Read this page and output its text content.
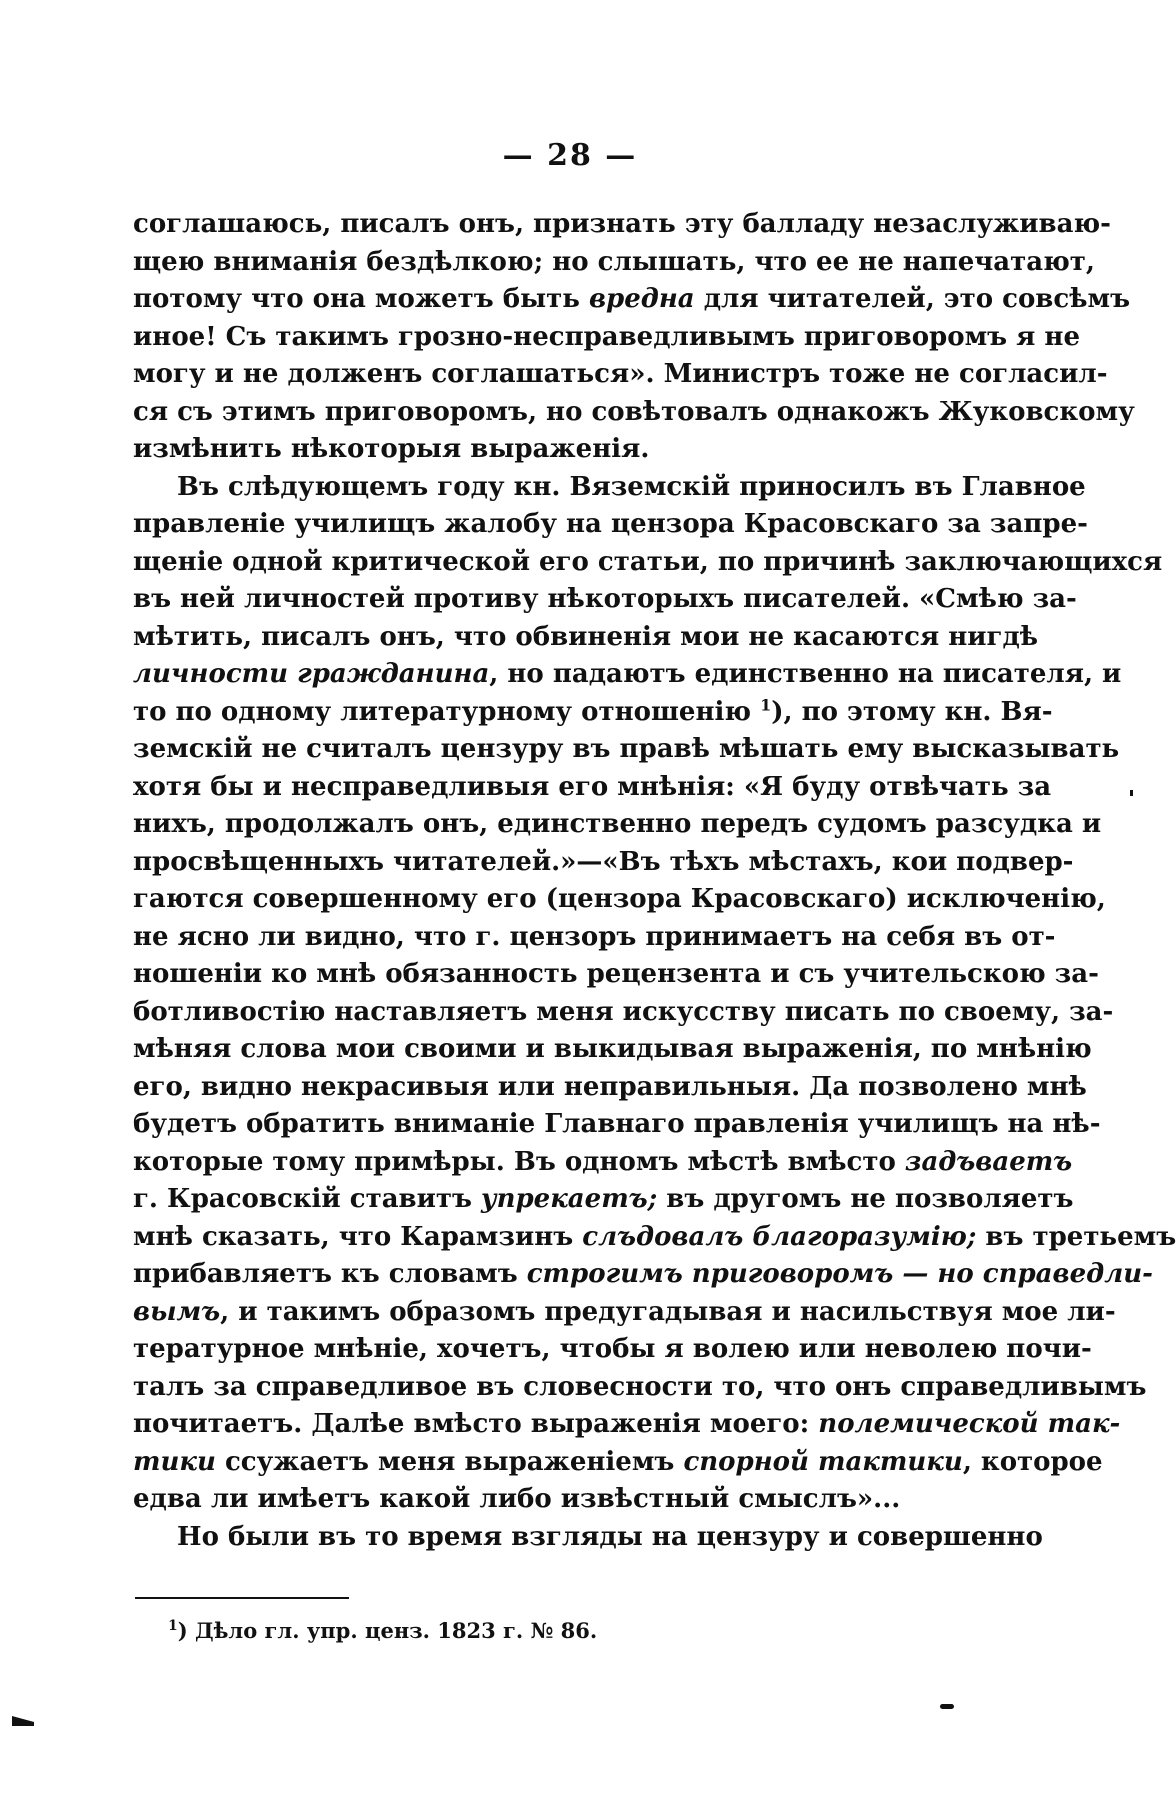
— 28 —
соглашаюсь, писалъ онъ, признать эту балладу незаслуживаю-
щею вниманія бездѣлкою; но слышать, что ее не напечатают,
потому что она можетъ быть вредна для читателей, это совсѣмъ
иное! Съ такимъ грозно-несправедливымъ приговоромъ я не
могу и не долженъ соглашаться». Министръ тоже не согласил-
ся съ этимъ приговоромъ, но совѣтовалъ однакожъ Жуковскому
измѣнить нѣкоторыя выраженія.
Въ слѣдующемъ году кн. Вяземскій приносилъ въ Главное
правленіе училищъ жалобу на цензора Красовскаго за запре-
щеніе одной критической его статьи, по причинѣ заключающихся
въ ней личностей противу нѣкоторыхъ писателей. «Смѣю за-
мѣтить, писалъ онъ, что обвиненія мои не касаются нигдѣ
личности гражданина, но падаютъ единственно на писателя, и
то по одному литературному отношенію $^1$), по этому кн. Вя-
земскій не считалъ цензуру въ правѣ мѣшать ему высказывать
хотя бы и несправедливыя его мнѣнія: «Я буду отвѣчать за
нихъ, продолжалъ онъ, единственно передъ судомъ разсудка и
просвѣщенныхъ читателей.»—«Въ тѣхъ мѣстахъ, кои подвер-
гаются совершенному его (цензора Красовскаго) исключенію,
не ясно ли видно, что г. цензоръ принимаетъ на себя въ от-
ношеніи ко мнѣ обязанность рецензента и съ учительскою за-
ботливостію наставляетъ меня искусству писать по своему, за-
мѣняя слова мои своими и выкидывая выраженія, по мнѣнію
его, видно некрасивыя или неправильныя. Да позволено мнѣ
будетъ обратить вниманіе Главнаго правленія училищъ на нѣ-
которые тому примѣры. Въ одномъ мѣстѣ вмѣсто задъваетъ
г. Красовскій ставитъ упрекаетъ; въ другомъ не позволяетъ
мнѣ сказать, что Карамзинъ слъдовалъ благоразумію; въ третьемъ
прибавляетъ къ словамъ строгимъ приговоромъ — но справедли-
вымъ, и такимъ образомъ предугадывая и насильствуя мое ли-
тературное мнѣніе, хочетъ, чтобы я волею или неволею почи-
талъ за справедливое въ словесности то, что онъ справедливымъ
почитаетъ. Далѣе вмѣсто выраженія моего: полемической так-
тики ссужаетъ меня выраженіемъ спорной тактики, которое
едва ли имѣетъ какой либо извѣстный смыслъ»...
Но были въ то время взгляды на цензуру и совершенно
$^1$) Дѣло гл. упр. ценз. 1823 г. № 86.
